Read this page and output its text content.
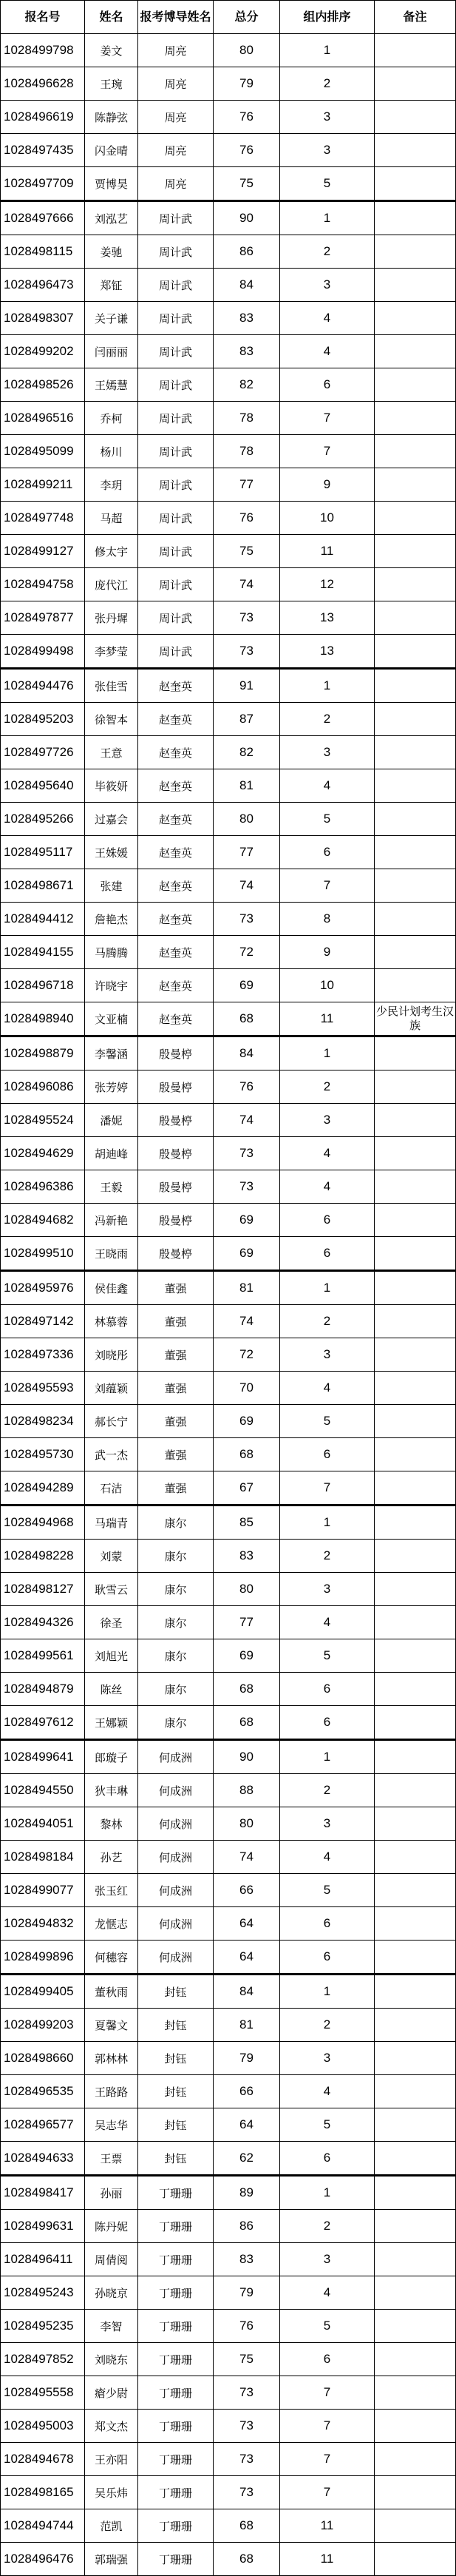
报名号	姓名	报考博导姓名	总分	组内排序	备注
1028499798	姜文	周亮	80	1	
1028496628	王琬	周亮	79	2	
1028496619	陈静弦	周亮	76	3	
1028497435	闪金晴	周亮	76	3	
1028497709	贾博昊	周亮	75	5	
1028497666	刘泓艺	周计武	90	1	
1028498115	姜驰	周计武	86	2	
1028496473	郑钲	周计武	84	3	
1028498307	关子谦	周计武	83	4	
1028499202	闫丽丽	周计武	83	4	
1028498526	王嫣慧	周计武	82	6	
1028496516	乔柯	周计武	78	7	
1028495099	杨川	周计武	78	7	
1028499211	李玥	周计武	77	9	
1028497748	马超	周计武	76	10	
1028499127	修太宇	周计武	75	11	
1028494758	庞代江	周计武	74	12	
1028497877	张丹墀	周计武	73	13	
1028499498	李梦莹	周计武	73	13	
1028494476	张佳雪	赵奎英	91	1	
1028495203	徐智本	赵奎英	87	2	
1028497726	王意	赵奎英	82	3	
1028495640	毕筱妍	赵奎英	81	4	
1028495266	过嘉会	赵奎英	80	5	
1028495117	王姝媛	赵奎英	77	6	
1028498671	张建	赵奎英	74	7	
1028494412	詹艳杰	赵奎英	73	8	
1028494155	马腾腾	赵奎英	72	9	
1028496718	许晓宇	赵奎英	69	10	
1028498940	文亚楠	赵奎英	68	11	少民计划考生汉族
1028498879	李馨涵	殷曼楟	84	1	
1028496086	张芳婷	殷曼楟	76	2	
1028495524	潘妮	殷曼楟	74	3	
1028494629	胡迪峰	殷曼楟	73	4	
1028496386	王毅	殷曼楟	73	4	
1028494682	冯新艳	殷曼楟	69	6	
1028499510	王晓雨	殷曼楟	69	6	
1028495976	侯佳鑫	董强	81	1	
1028497142	林慕蓉	董强	74	2	
1028497336	刘晓彤	董强	72	3	
1028495593	刘蕴颖	董强	70	4	
1028498234	郝长宁	董强	69	5	
1028495730	武一杰	董强	68	6	
1028494289	石洁	董强	67	7	
1028494968	马瑞青	康尔	85	1	
1028498228	刘蒙	康尔	83	2	
1028498127	耿雪云	康尔	80	3	
1028494326	徐圣	康尔	77	4	
1028499561	刘旭光	康尔	69	5	
1028494879	陈丝	康尔	68	6	
1028497612	王娜颖	康尔	68	6	
1028499641	郎璇子	何成洲	90	1	
1028494550	狄丰琳	何成洲	88	2	
1028494051	黎林	何成洲	80	3	
1028498184	孙艺	何成洲	74	4	
1028499077	张玉红	何成洲	66	5	
1028494832	龙惬志	何成洲	64	6	
1028499896	何穗容	何成洲	64	6	
1028499405	董秋雨	封钰	84	1	
1028499203	夏馨文	封钰	81	2	
1028498660	郭林林	封钰	79	3	
1028496535	王路路	封钰	66	4	
1028496577	吴志华	封钰	64	5	
1028494633	王票	封钰	62	6	
1028498417	孙丽	丁珊珊	89	1	
1028499631	陈丹妮	丁珊珊	86	2	
1028496411	周倩阅	丁珊珊	83	3	
1028495243	孙晓京	丁珊珊	79	4	
1028495235	李智	丁珊珊	76	5	
1028497852	刘晓东	丁珊珊	75	6	
1028495558	瘡少尉	丁珊珊	73	7	
1028495003	郑文杰	丁珊珊	73	7	
1028494678	王亦阳	丁珊珊	73	7	
1028498165	吴乐炜	丁珊珊	73	7	
1028494744	范凯	丁珊珊	68	11	
1028496476	郭瑞强	丁珊珊	68	11	
